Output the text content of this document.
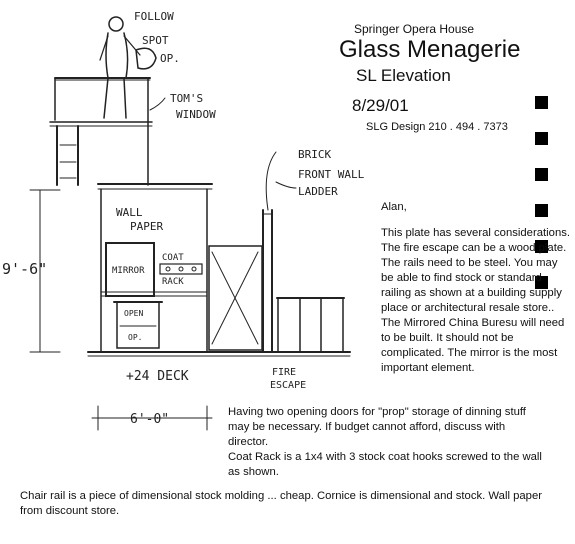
FOLLOW
SPOT
OP.
TOM'S
WINDOW
BRICK
FRONT WALL
LADDER
WALL
PAPER
COAT
RACK
MIRROR
OPEN
OP.
9'-6"
+24 DECK	FIRE
ESCAPE
6'-0"
Springer Opera House
Glass Menagerie
SL Elevation
8/29/01
SLG Design 210 . 494 . 7373

Alan,

This plate has several considerations. The fire escape can be a wood plate. The rails need to be steel. You may be able to find stock or standard railing as shown at a building supply place or architectural resale store.. The Mirrored China Buresu will need to be built. It should not be complicated. The mirror is the most important element.

Having two opening doors for "prop" storage of dinning stuff may be necessary. If budget cannot afford, discuss with director.
Coat Rack is a 1x4 with 3 stock coat hooks screwed to the wall as shown.
Chair rail is a piece of dimensional stock molding ... cheap. Cornice is dimensional and stock. Wall paper from discount store.
